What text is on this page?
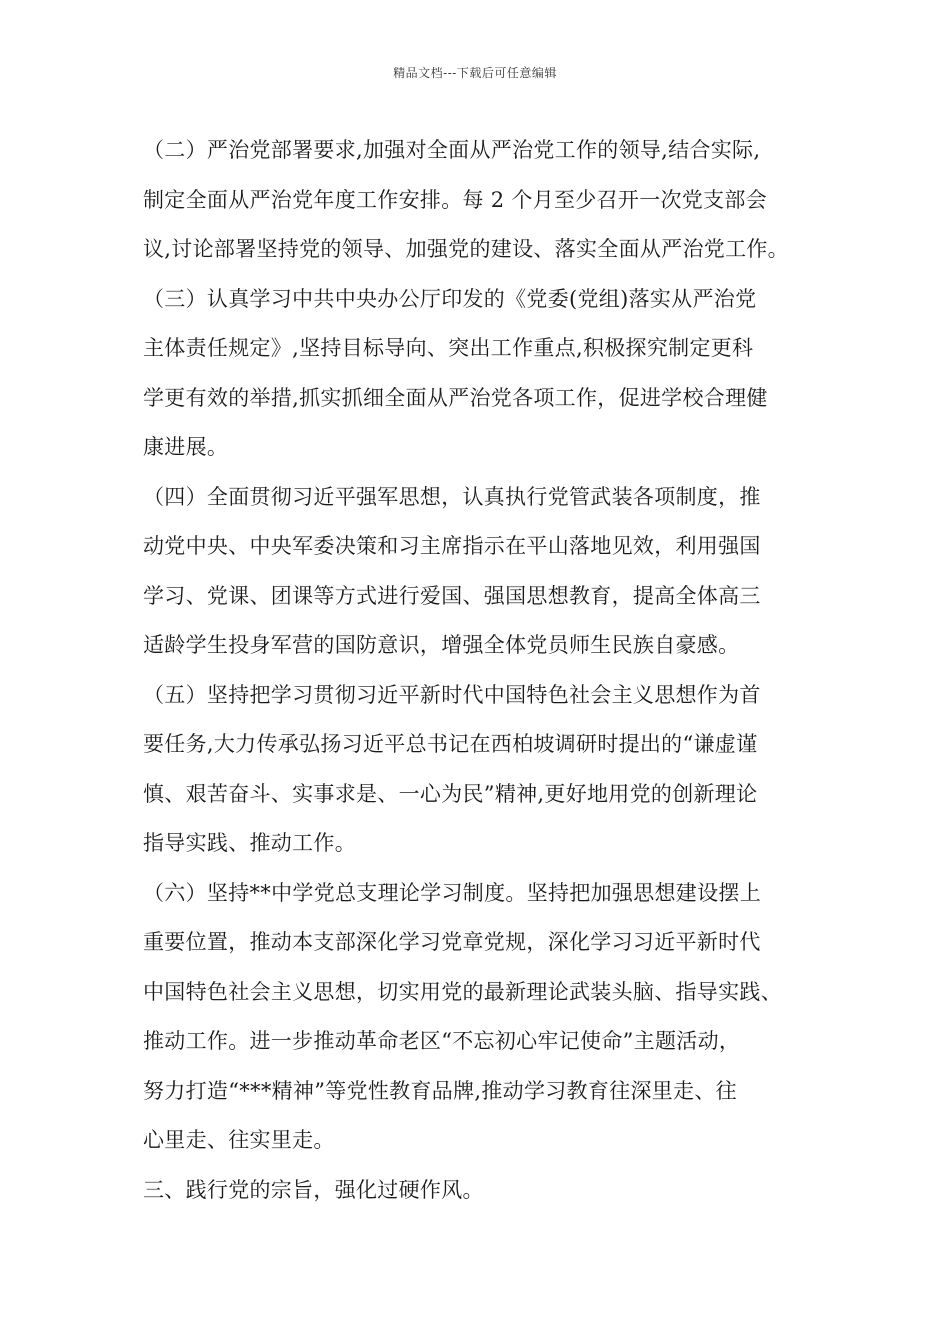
精品文档---下载后可任意编辑
（二）严治党部署要求,加强对全面从严治党工作的领导,结合实际,
制定全面从严治党年度工作安排。每 2 个月至少召开一次党支部会
议,讨论部署坚持党的领导、加强党的建设、落实全面从严治党工作。
（三）认真学习中共中央办公厅印发的《党委(党组)落实从严治党
主体责任规定》,坚持目标导向、突出工作重点,积极探究制定更科
学更有效的举措,抓实抓细全面从严治党各项工作，促进学校合理健
康进展。
（四）全面贯彻习近平强军思想，认真执行党管武装各项制度，推
动党中央、中央军委决策和习主席指示在平山落地见效，利用强国
学习、党课、团课等方式进行爱国、强国思想教育，提高全体高三
适龄学生投身军营的国防意识，增强全体党员师生民族自豪感。
（五）坚持把学习贯彻习近平新时代中国特色社会主义思想作为首
要任务,大力传承弘扬习近平总书记在西柏坡调研时提出的“谦虚谨
慎、艰苦奋斗、实事求是、一心为民”精神,更好地用党的创新理论
指导实践、推动工作。
（六）坚持**中学党总支理论学习制度。坚持把加强思想建设摆上
重要位置，推动本支部深化学习党章党规，深化学习习近平新时代
中国特色社会主义思想，切实用党的最新理论武装头脑、指导实践、
推动工作。进一步推动革命老区“不忘初心牢记使命”主题活动，
努力打造“***精神”等党性教育品牌,推动学习教育往深里走、往
心里走、往实里走。
三、践行党的宗旨，强化过硬作风。
